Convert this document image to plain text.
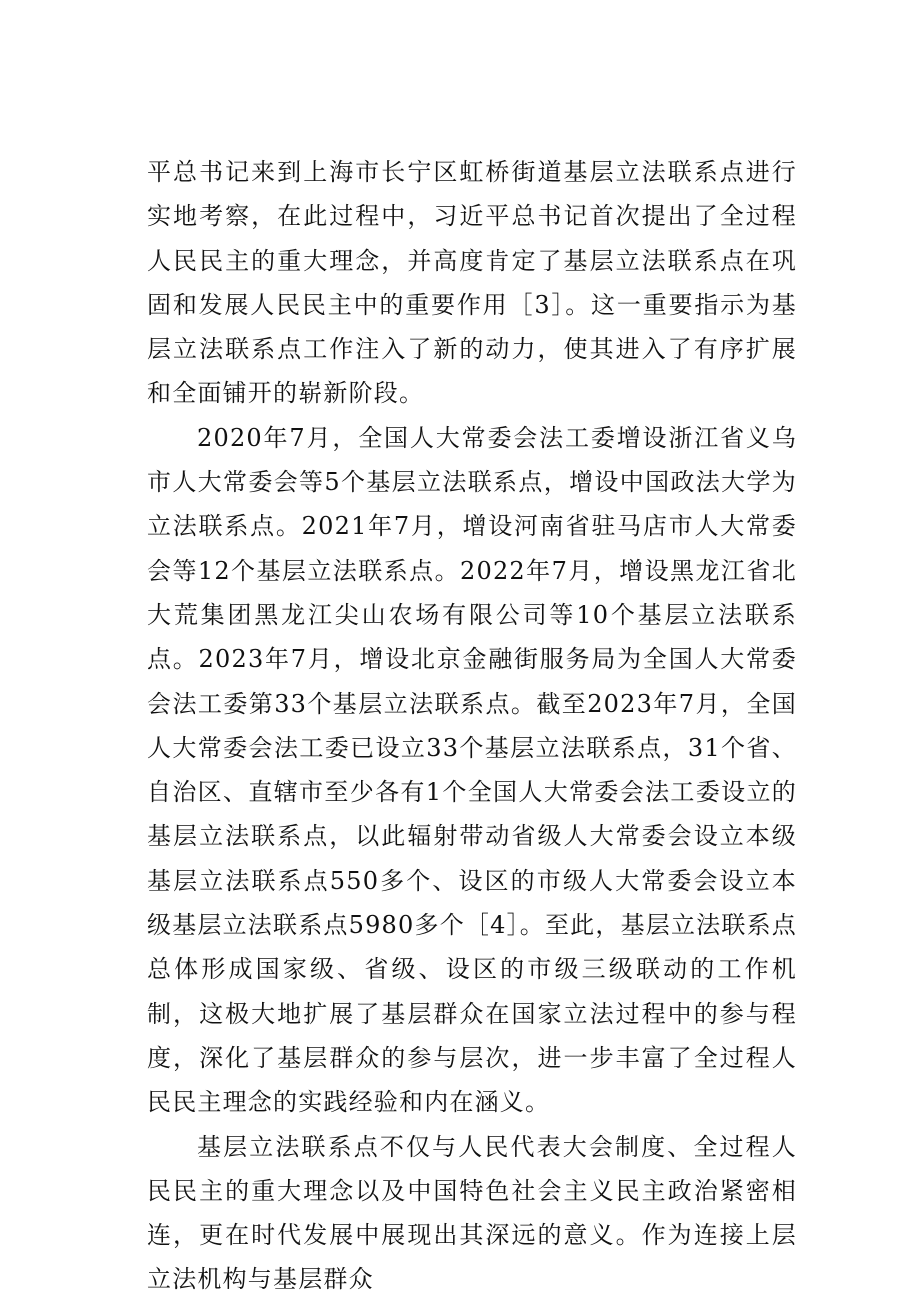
平总书记来到上海市长宁区虹桥街道基层立法联系点进行实地考察，在此过程中，习近平总书记首次提出了全过程人民民主的重大理念，并高度肯定了基层立法联系点在巩固和发展人民民主中的重要作用［3］。这一重要指示为基层立法联系点工作注入了新的动力，使其进入了有序扩展和全面铺开的崭新阶段。

2020年7月，全国人大常委会法工委增设浙江省义乌市人大常委会等5个基层立法联系点，增设中国政法大学为立法联系点。2021年7月，增设河南省驻马店市人大常委会等12个基层立法联系点。2022年7月，增设黑龙江省北大荒集团黑龙江尖山农场有限公司等10个基层立法联系点。2023年7月，增设北京金融街服务局为全国人大常委会法工委第33个基层立法联系点。截至2023年7月，全国人大常委会法工委已设立33个基层立法联系点，31个省、自治区、直辖市至少各有1个全国人大常委会法工委设立的基层立法联系点，以此辐射带动省级人大常委会设立本级基层立法联系点550多个、设区的市级人大常委会设立本级基层立法联系点5980多个［4］。至此，基层立法联系点总体形成国家级、省级、设区的市级三级联动的工作机制，这极大地扩展了基层群众在国家立法过程中的参与程度，深化了基层群众的参与层次，进一步丰富了全过程人民民主理念的实践经验和内在涵义。

基层立法联系点不仅与人民代表大会制度、全过程人民民主的重大理念以及中国特色社会主义民主政治紧密相连，更在时代发展中展现出其深远的意义。作为连接上层立法机构与基层群众
